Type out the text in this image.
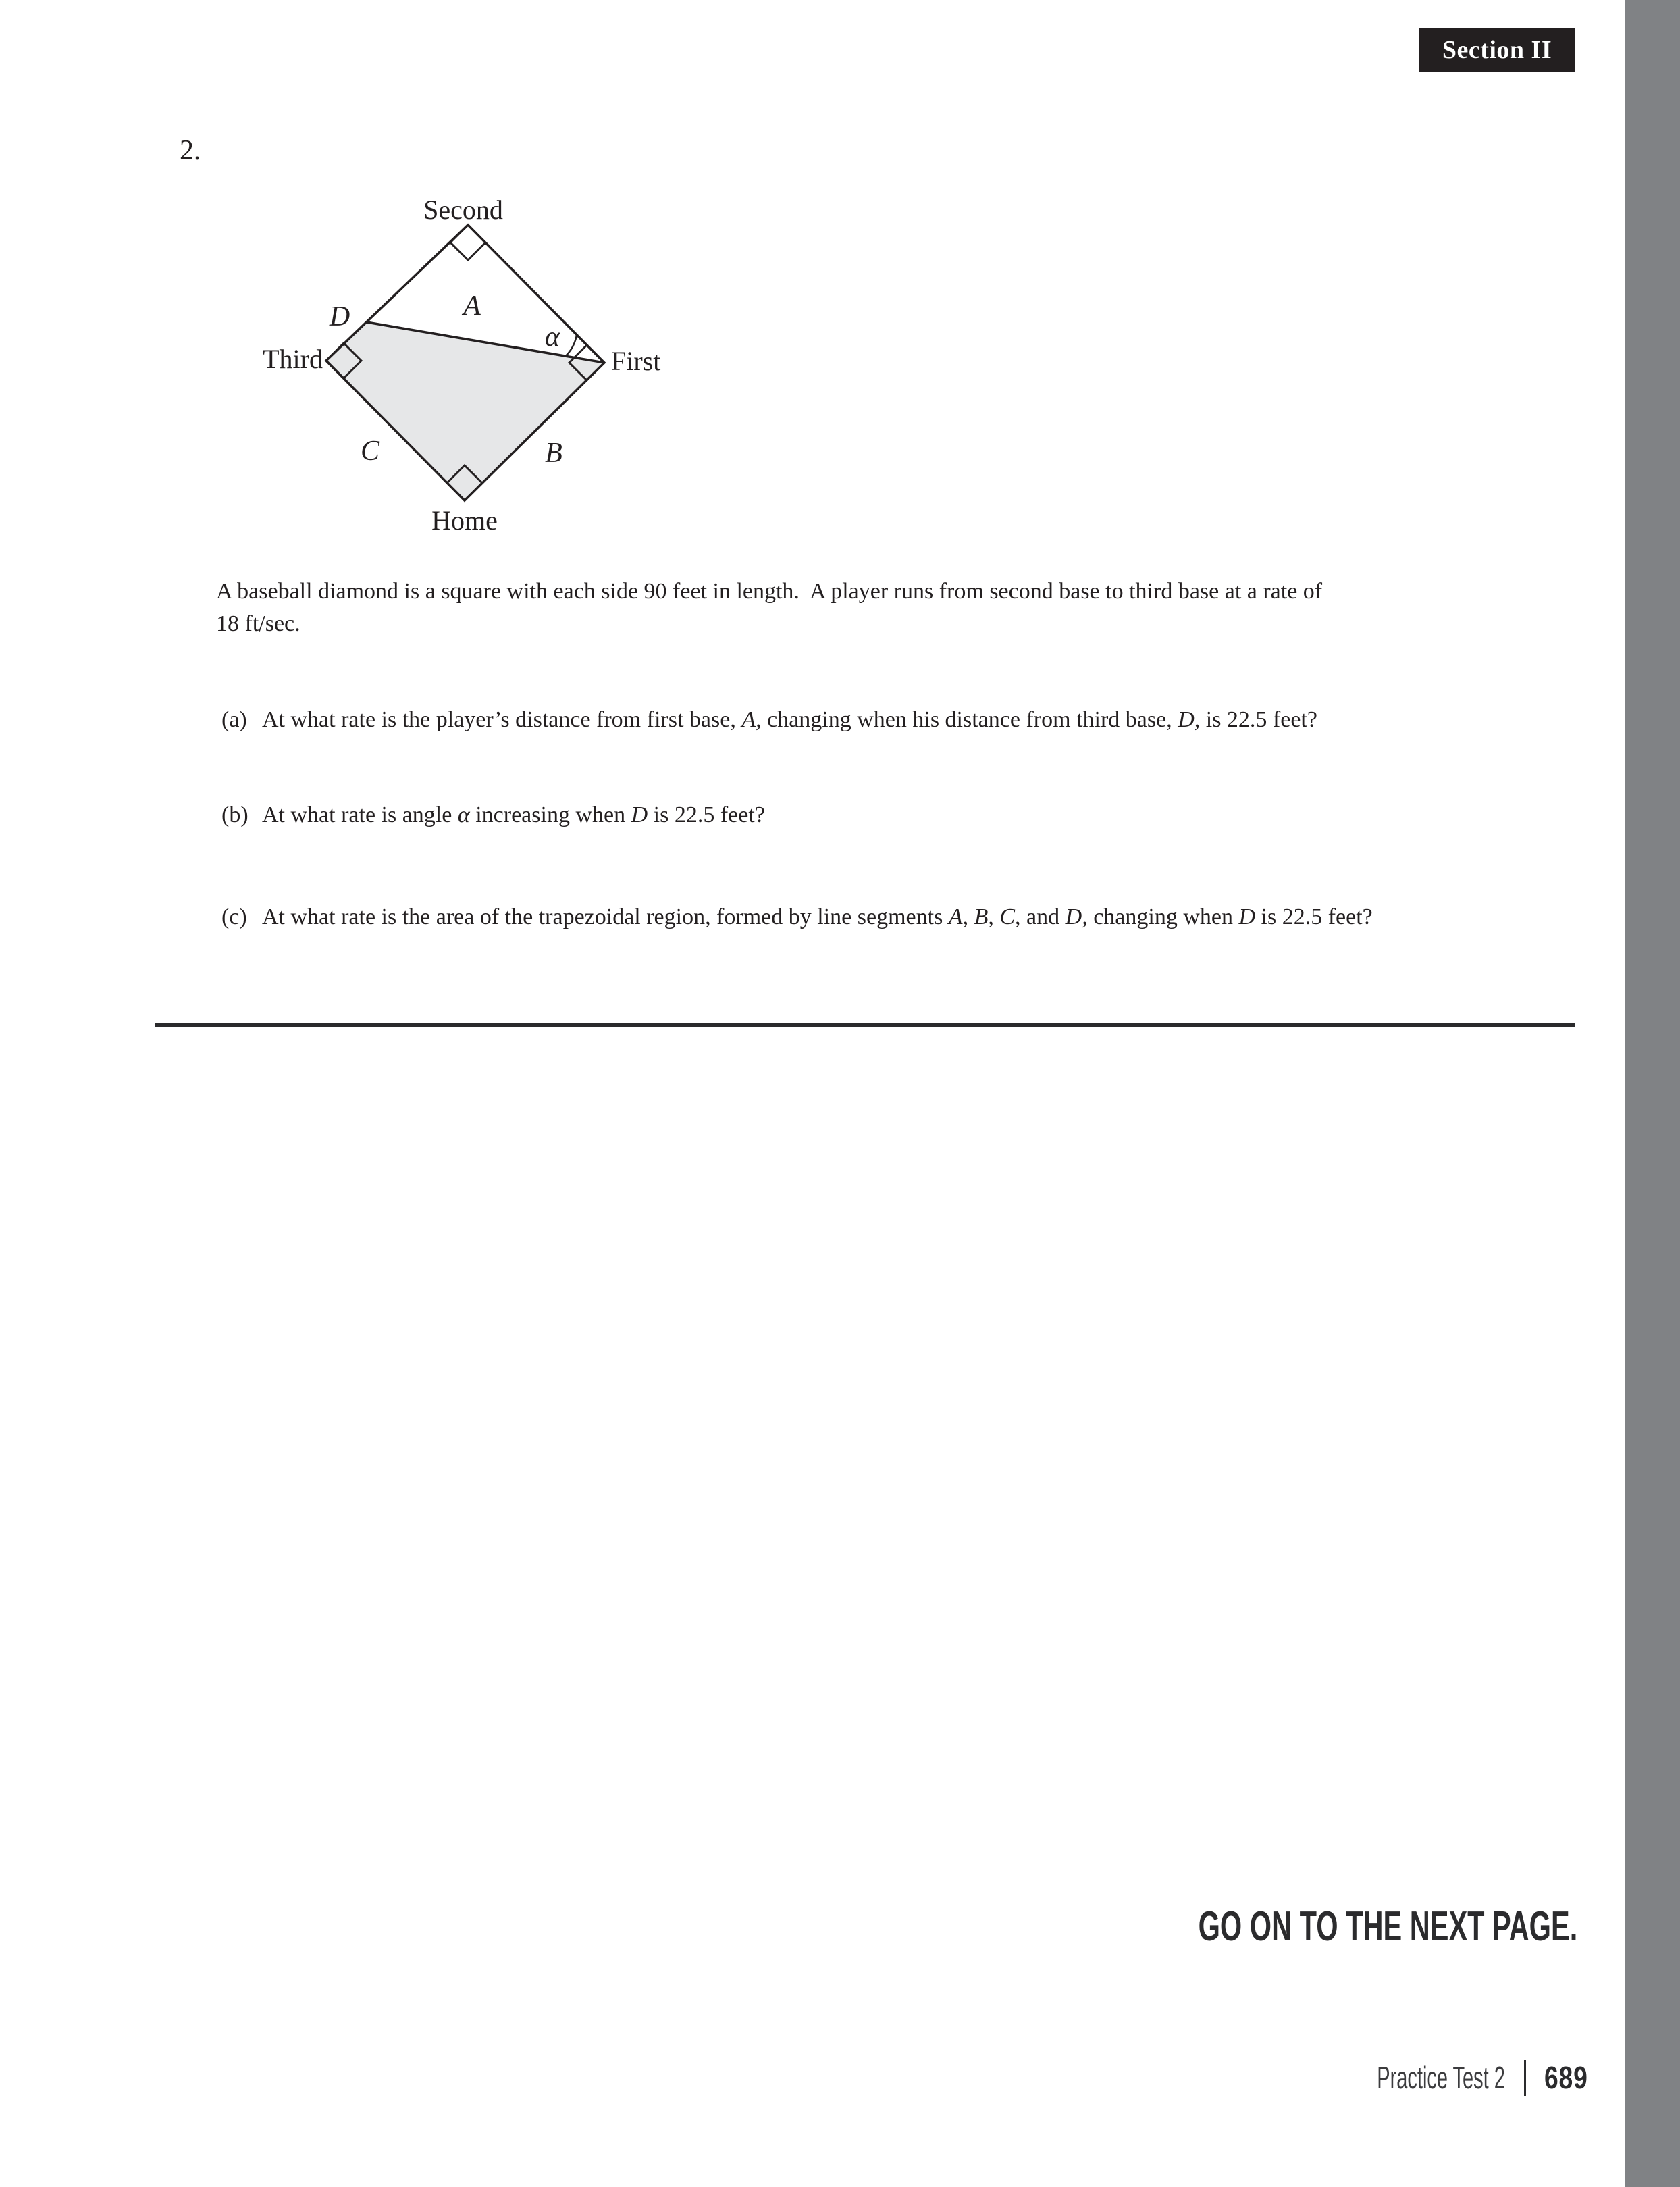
Section II
2.
Second
Third	First
Home
A
D
C	B
α
A baseball diamond is a square with each side 90 feet in length.  A player runs from second base to third base at a rate of
18 ft/sec.
(a) At what rate is the player’s distance from first base, A, changing when his distance from third base, D, is 22.5 feet?
(b) At what rate is angle α increasing when D is 22.5 feet?
(c) At what rate is the area of the trapezoidal region, formed by line segments A, B, C, and D, changing when D is 22.5 feet?
GO ON TO THE NEXT PAGE.
Practice Test 2 689
